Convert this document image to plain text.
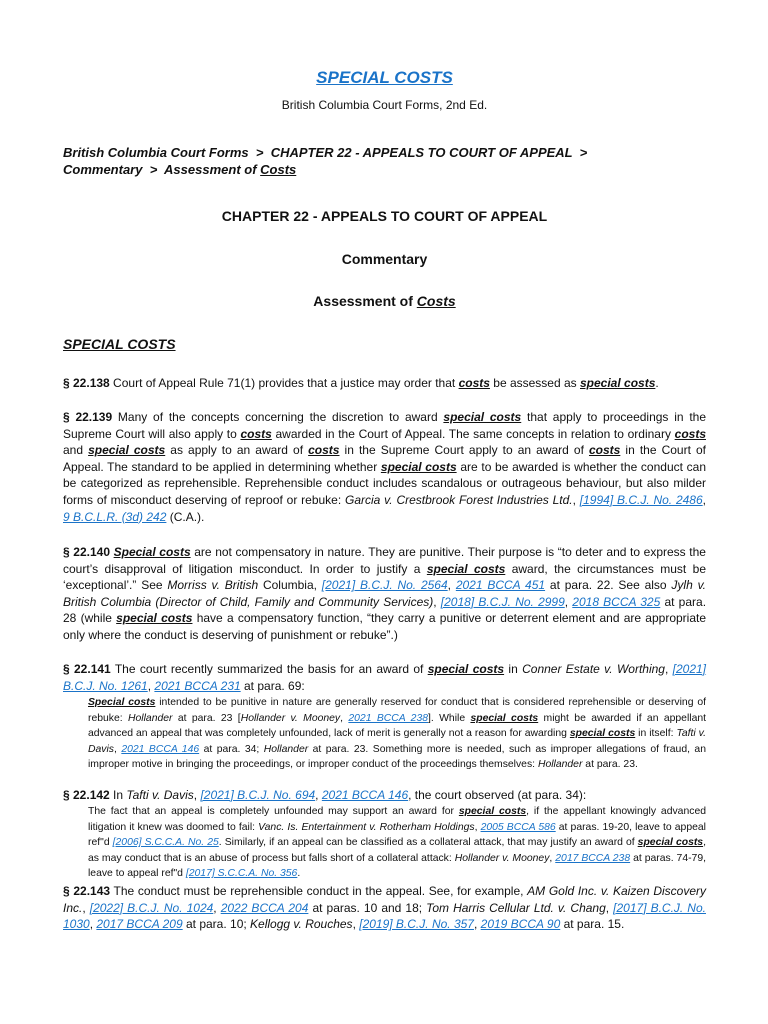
SPECIAL COSTS
British Columbia Court Forms, 2nd Ed.
British Columbia Court Forms > CHAPTER 22 - APPEALS TO COURT OF APPEAL >
Commentary > Assessment of Costs
CHAPTER 22 - APPEALS TO COURT OF APPEAL
Commentary
Assessment of Costs
SPECIAL COSTS
§ 22.138 Court of Appeal Rule 71(1) provides that a justice may order that costs be assessed as special costs.
§ 22.139 Many of the concepts concerning the discretion to award special costs that apply to proceedings in the Supreme Court will also apply to costs awarded in the Court of Appeal. The same concepts in relation to ordinary costs and special costs as apply to an award of costs in the Supreme Court apply to an award of costs in the Court of Appeal. The standard to be applied in determining whether special costs are to be awarded is whether the conduct can be categorized as reprehensible. Reprehensible conduct includes scandalous or outrageous behaviour, but also milder forms of misconduct deserving of reproof or rebuke: Garcia v. Crestbrook Forest Industries Ltd., [1994] B.C.J. No. 2486, 9 B.C.L.R. (3d) 242 (C.A.).
§ 22.140 Special costs are not compensatory in nature. They are punitive. Their purpose is “to deter and to express the court’s disapproval of litigation misconduct. In order to justify a special costs award, the circumstances must be ‘exceptional’.” See Morriss v. British Columbia, [2021] B.C.J. No. 2564, 2021 BCCA 451 at para. 22. See also Jylh v. British Columbia (Director of Child, Family and Community Services), [2018] B.C.J. No. 2999, 2018 BCCA 325 at para. 28 (while special costs have a compensatory function, “they carry a punitive or deterrent element and are appropriate only where the conduct is deserving of punishment or rebuke”.)
§ 22.141 The court recently summarized the basis for an award of special costs in Conner Estate v. Worthing, [2021] B.C.J. No. 1261, 2021 BCCA 231 at para. 69:
Special costs intended to be punitive in nature are generally reserved for conduct that is considered reprehensible or deserving of rebuke: Hollander at para. 23 [Hollander v. Mooney, 2021 BCCA 238]. While special costs might be awarded if an appellant advanced an appeal that was completely unfounded, lack of merit is generally not a reason for awarding special costs in itself: Tafti v. Davis, 2021 BCCA 146 at para. 34; Hollander at para. 23. Something more is needed, such as improper allegations of fraud, an improper motive in bringing the proceedings, or improper conduct of the proceedings themselves: Hollander at para. 23.
§ 22.142 In Tafti v. Davis, [2021] B.C.J. No. 694, 2021 BCCA 146, the court observed (at para. 34):
The fact that an appeal is completely unfounded may support an award for special costs, if the appellant knowingly advanced litigation it knew was doomed to fail: Vanc. Is. Entertainment v. Rotherham Holdings, 2005 BCCA 586 at paras. 19-20, leave to appeal ref"d [2006] S.C.C.A. No. 25. Similarly, if an appeal can be classified as a collateral attack, that may justify an award of special costs, as may conduct that is an abuse of process but falls short of a collateral attack: Hollander v. Mooney, 2017 BCCA 238 at paras. 74-79, leave to appeal ref"d [2017] S.C.C.A. No. 356.
§ 22.143 The conduct must be reprehensible conduct in the appeal. See, for example, AM Gold Inc. v. Kaizen Discovery Inc., [2022] B.C.J. No. 1024, 2022 BCCA 204 at paras. 10 and 18; Tom Harris Cellular Ltd. v. Chang, [2017] B.C.J. No. 1030, 2017 BCCA 209 at para. 10; Kellogg v. Rouches, [2019] B.C.J. No. 357, 2019 BCCA 90 at para. 15.
